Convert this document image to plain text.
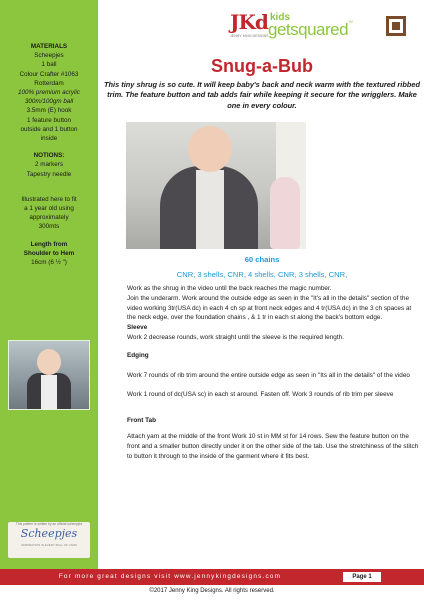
MATERIALS
Scheepjes
1 ball
Colour Crafter #1063
Rotterdam
100% premium acrylic
300m/100gm ball
3.5mm (E) hook
1 feature button
outside and 1 button
inside
NOTIONS:
2 markers
Tapestry needle
Illustrated here to fit
a 1 year old using
approximately
300mts
Length from
Shoulder to Hem
16cm (6 ½ ")
This pattern is written by an official scheepjes
Scheepjes
INSPIRATION IN EVERY BALL OF YARN
JKd
JENNY KING DESIGNS
kids
getsquared™
Snug-a-Bub
This tiny shrug is so cute. It will keep baby's back and neck warm with the textured ribbed trim. The feature button and tab adds fair while keeping it secure for the wrigglers. Make one in every colour.
60 chains
CNR, 3 shells, CNR, 4 shells, CNR, 3 shells, CNR,

Work as the shrug in the video until the back reaches the magic number.

Join the underarm. Work around the outside edge as seen in the "It's all in the details" section of the video working 3tr(USA dc) in each 4 ch sp at front neck edges and 4 tr(USA dc) in the 3 ch spaces at the neck edge, over the foundation chains , & 1 tr in each st along the back's bottom edge.

Sleeve

Work 2 decrease rounds, work straight until the sleeve is the required length.

Edging

Work 7 rounds of rib trim around the entire outside edge as seen in "Its all in the details" of the video

Work 1 round of dc(USA sc) in each st around. Fasten off. Work 3 rounds of rib trim per sleeve

Front Tab

Attach yarn at the middle of the front Work 10 st in MM st for 14 rows. Sew the feature button on the front and a smaller button directly under it on the other side of the tab. Use the stretchiness of the stitch to button it through to the inside of the garment where it fits best.

For more great designs visit www.jennykingdesigns.com	Page 1
©2017 Jenny King Designs. All rights reserved.
